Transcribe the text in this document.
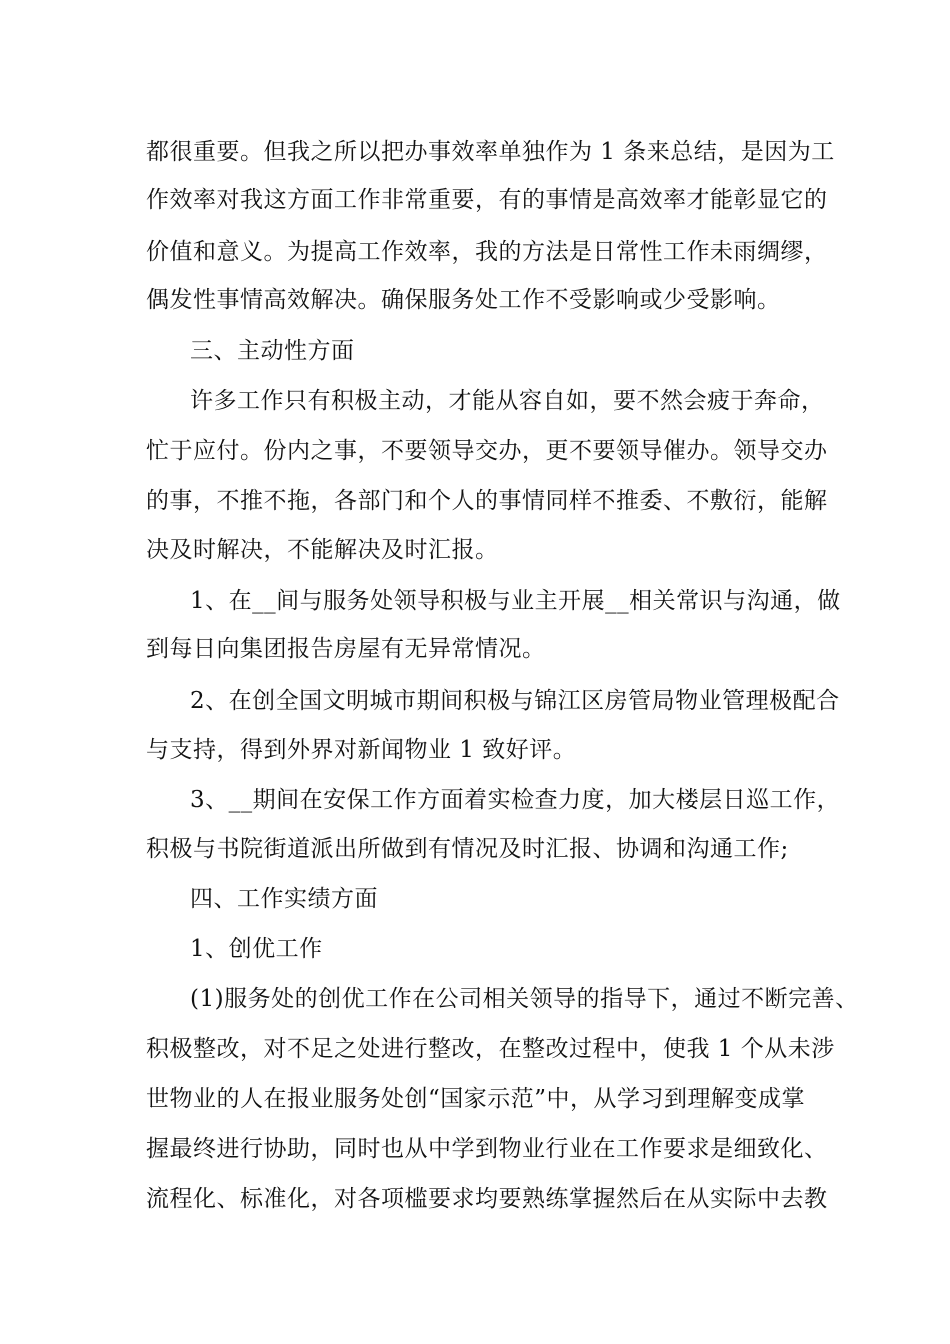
都很重要。但我之所以把办事效率单独作为 1 条来总结，是因为工

作效率对我这方面工作非常重要，有的事情是高效率才能彰显它的

价值和意义。为提高工作效率，我的方法是日常性工作未雨绸缪，

偶发性事情高效解决。确保服务处工作不受影响或少受影响。

三、主动性方面

许多工作只有积极主动，才能从容自如，要不然会疲于奔命，

忙于应付。份内之事，不要领导交办，更不要领导催办。领导交办

的事，不推不拖，各部门和个人的事情同样不推委、不敷衍，能解

决及时解决，不能解决及时汇报。

1、在__间与服务处领导积极与业主开展__相关常识与沟通，做

到每日向集团报告房屋有无异常情况。

2、在创全国文明城市期间积极与锦江区房管局物业管理极配合

与支持，得到外界对新闻物业 1 致好评。

3、__期间在安保工作方面着实检查力度，加大楼层日巡工作，

积极与书院街道派出所做到有情况及时汇报、协调和沟通工作;

四、工作实绩方面

1、创优工作

(1)服务处的创优工作在公司相关领导的指导下，通过不断完善、

积极整改，对不足之处进行整改，在整改过程中，使我 1 个从未涉

世物业的人在报业服务处创“国家示范”中，从学习到理解变成掌

握最终进行协助，同时也从中学到物业行业在工作要求是细致化、

流程化、标准化，对各项槛要求均要熟练掌握然后在从实际中去教
